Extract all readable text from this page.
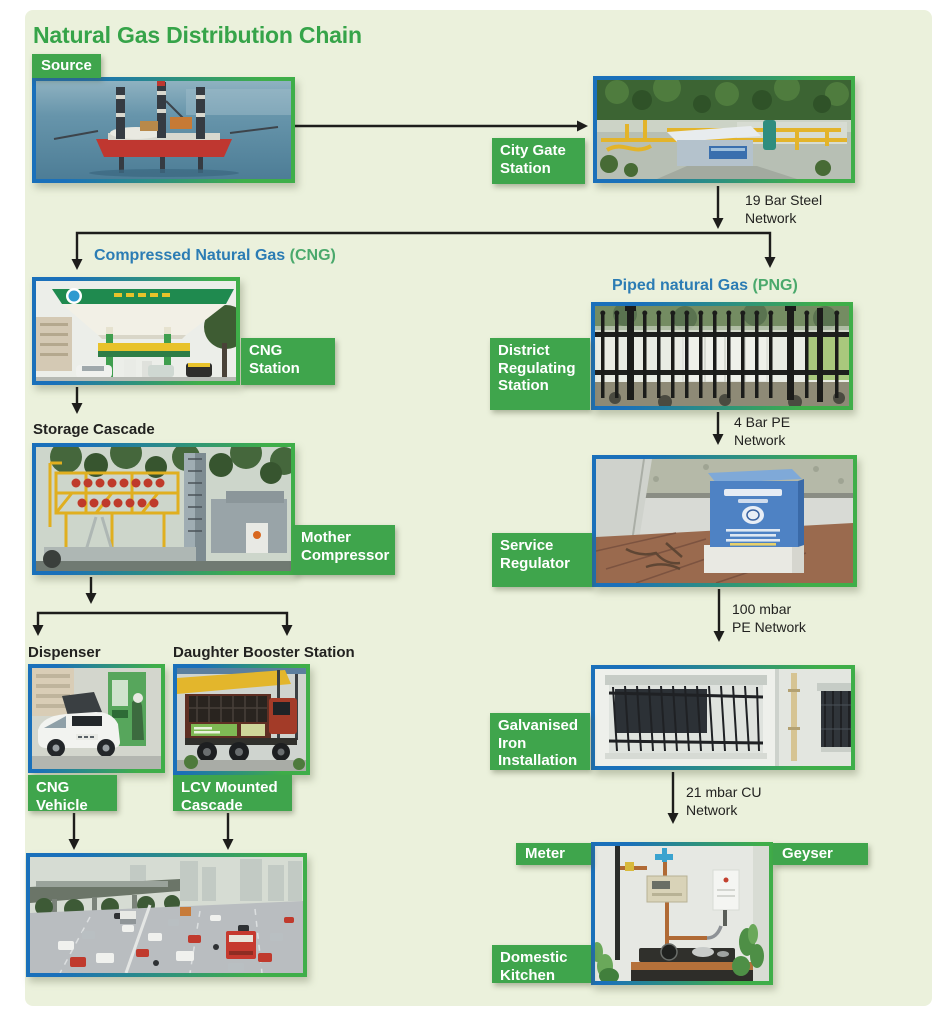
Natural Gas Distribution Chain
Source
City Gate Station
19 Bar Steel Network
Compressed Natural Gas (CNG)
CNG Station
Storage Cascade
Mother Compressor
Dispenser	Daughter Booster Station
CNG Vehicle
LCV Mounted Cascade
Piped natural Gas (PNG)
District Regulating Station
4 Bar PE Network
Service Regulator
100 mbar PE Network
Galvanised Iron Installation
21 mbar CU Network
Meter	Geyser
Domestic Kitchen
